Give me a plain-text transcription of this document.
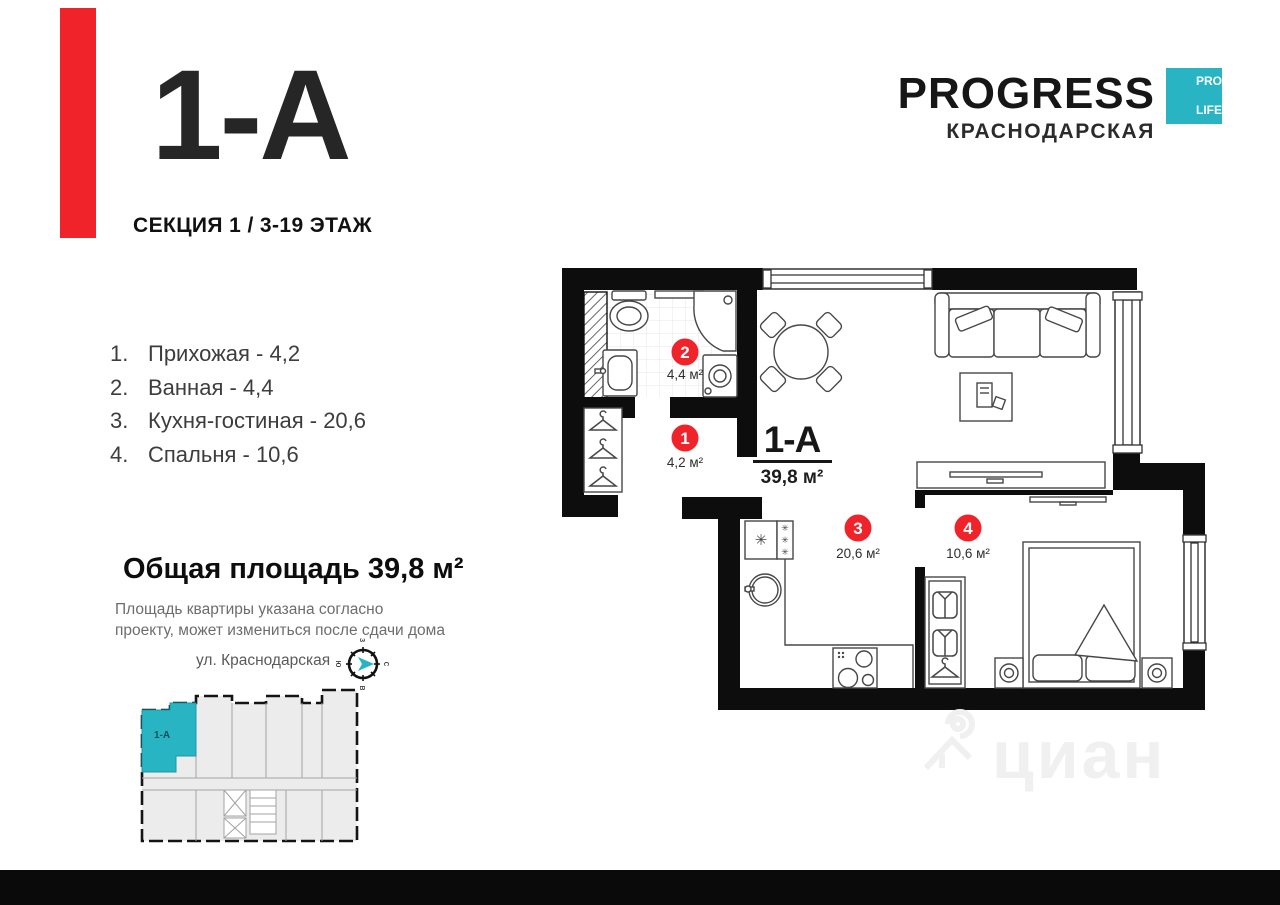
1-А
СЕКЦИЯ 1 / 3-19 ЭТАЖ
PROGRESS
КРАСНОДАРСКАЯ
PRO

LIFE
1. Прихожая - 4,2
2. Ванная - 4,4
3. Кухня-гостиная - 20,6
4. Спальня - 10,6
Общая площадь 39,8 м²
Площадь квартиры указана согласно
проекту, может измениться после сдачи дома
ул. Краснодарская	с
ю
з
в
1-А
✳
✳
✳
✳
2
4,4 м²
1
4,2 м²
3
20,6 м²
4
10,6 м²
1-А
39,8 м²
циан
